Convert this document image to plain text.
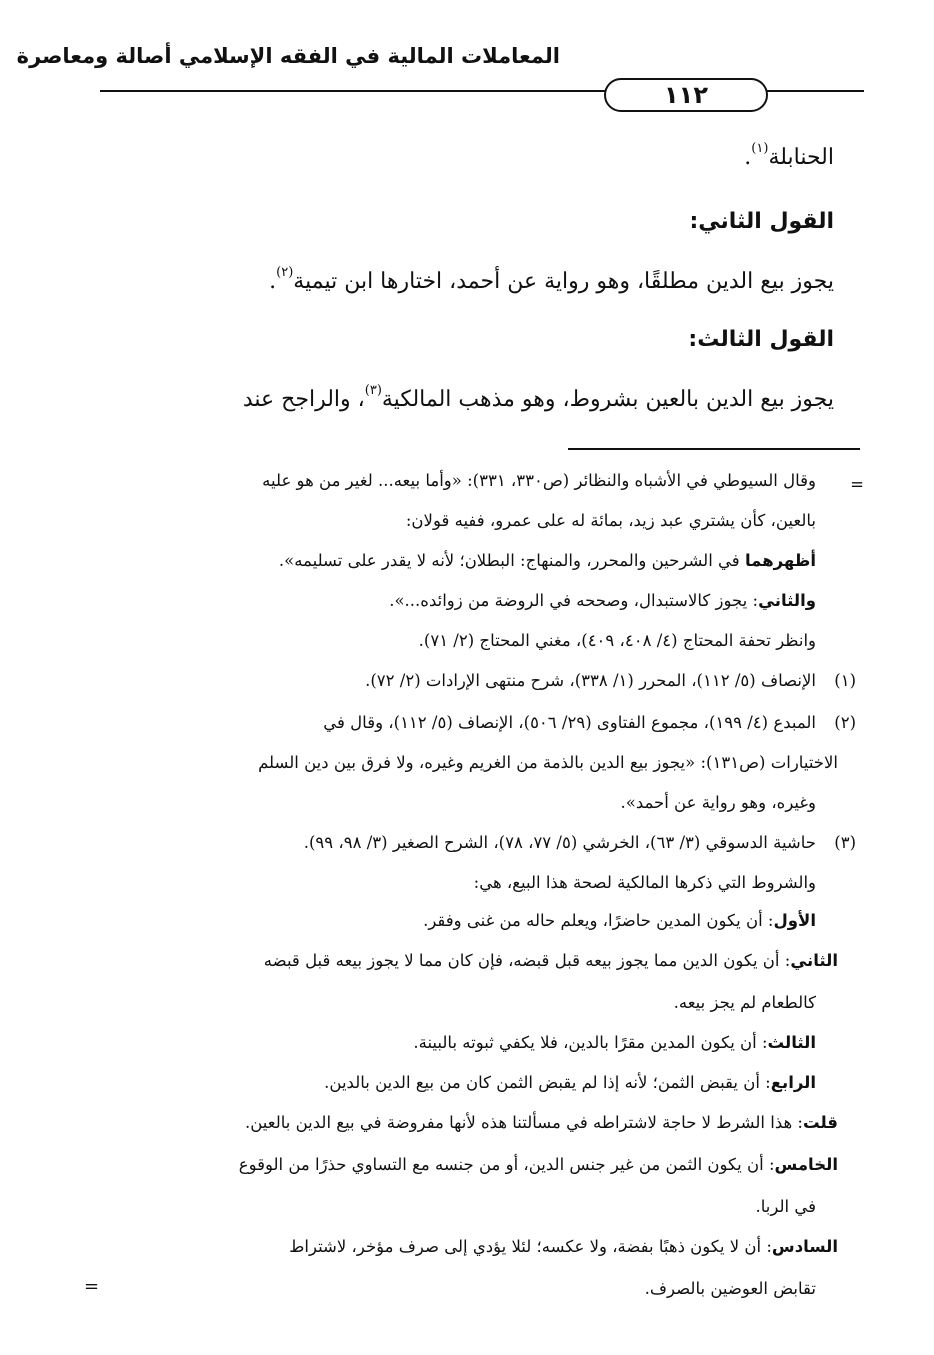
المعاملات المالية في الفقه الإسلامي أصالة ومعاصرة
١١٢
الحنابلة$^{(١)}$.
القول الثاني:
يجوز بيع الدين مطلقًا، وهو رواية عن أحمد، اختارها ابن تيمية$^{(٢)}$.
القول الثالث:
يجوز بيع الدين بالعين بشروط، وهو مذهب المالكية$^{(٣)}$، والراجح عند
=
وقال السيوطي في الأشباه والنظائر (ص٣٣٠، ٣٣١): «وأما بيعه... لغير من هو عليه
بالعين، كأن يشتري عبد زيد، بمائة له على عمرو، ففيه قولان:
أظهرهما في الشرحين والمحرر، والمنهاج: البطلان؛ لأنه لا يقدر على تسليمه».
والثاني: يجوز كالاستبدال، وصححه في الروضة من زوائده...».
وانظر تحفة المحتاج (٤/ ٤٠٨، ٤٠٩)، مغني المحتاج (٢/ ٧١).
(١)
الإنصاف (٥/ ١١٢)، المحرر (١/ ٣٣٨)، شرح منتهى الإرادات (٢/ ٧٢).
(٢)
المبدع (٤/ ١٩٩)، مجموع الفتاوى (٢٩/ ٥٠٦)، الإنصاف (٥/ ١١٢)، وقال في
الاختيارات (ص١٣١): «يجوز بيع الدين بالذمة من الغريم وغيره، ولا فرق بين دين السلم
وغيره، وهو رواية عن أحمد».
(٣)
حاشية الدسوقي (٣/ ٦٣)، الخرشي (٥/ ٧٧، ٧٨)، الشرح الصغير (٣/ ٩٨، ٩٩).
والشروط التي ذكرها المالكية لصحة هذا البيع، هي:
الأول: أن يكون المدين حاضرًا، ويعلم حاله من غنى وفقر.
الثاني: أن يكون الدين مما يجوز بيعه قبل قبضه، فإن كان مما لا يجوز بيعه قبل قبضه
كالطعام لم يجز بيعه.
الثالث: أن يكون المدين مقرًا بالدين، فلا يكفي ثبوته بالبينة.
الرابع: أن يقبض الثمن؛ لأنه إذا لم يقبض الثمن كان من بيع الدين بالدين.
قلت: هذا الشرط لا حاجة لاشتراطه في مسألتنا هذه لأنها مفروضة في بيع الدين بالعين.
الخامس: أن يكون الثمن من غير جنس الدين، أو من جنسه مع التساوي حذرًا من الوقوع
في الربا.
السادس: أن لا يكون ذهبًا بفضة، ولا عكسه؛ لئلا يؤدي إلى صرف مؤخر، لاشتراط
تقابض العوضين بالصرف.
=
